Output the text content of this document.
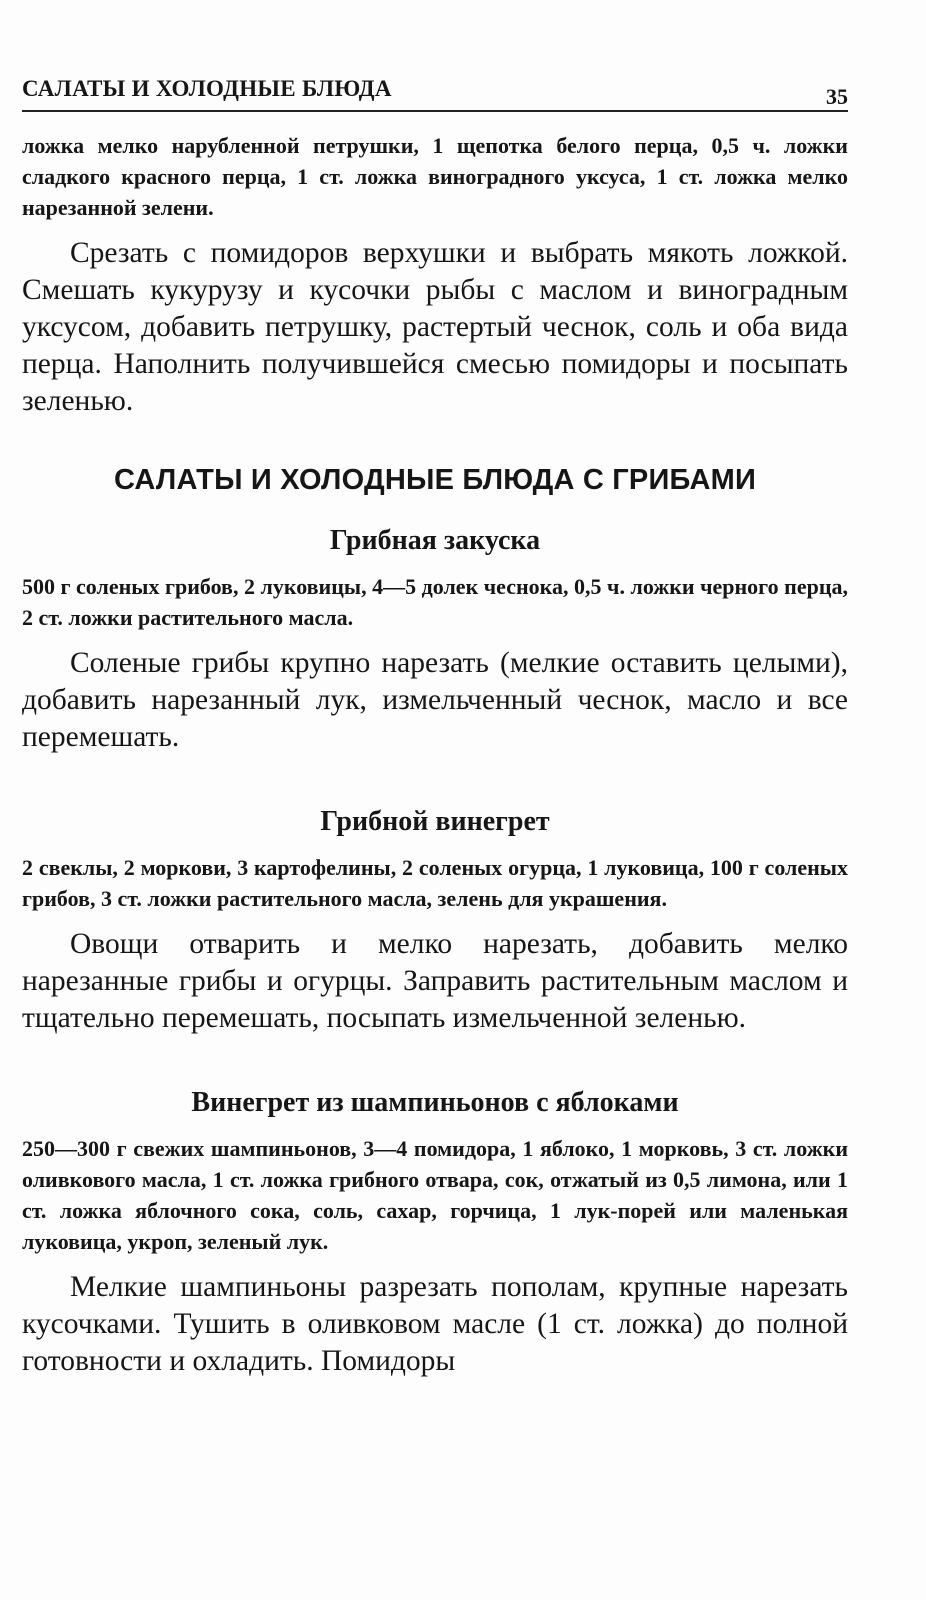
САЛАТЫ И ХОЛОДНЫЕ БЛЮДА	35

ложка мелко нарубленной петрушки, 1 щепотка белого перца, 0,5 ч. ложки сладкого красного перца, 1 ст. ложка виноградного уксуса, 1 ст. ложка мелко нарезанной зелени.

Срезать с помидоров верхушки и выбрать мякоть ложкой. Смешать кукурузу и кусочки рыбы с маслом и виноградным уксусом, добавить петрушку, растертый чеснок, соль и оба вида перца. Наполнить получившейся смесью помидоры и посыпать зеленью.

САЛАТЫ И ХОЛОДНЫЕ БЛЮДА С ГРИБАМИ
Грибная закуска

500 г соленых грибов, 2 луковицы, 4—5 долек чеснока, 0,5 ч. ложки черного перца, 2 ст. ложки растительного масла.

Соленые грибы крупно нарезать (мелкие оставить целыми), добавить нарезанный лук, измельченный чеснок, масло и все перемешать.

Грибной винегрет

2 свеклы, 2 моркови, 3 картофелины, 2 соленых огурца, 1 луковица, 100 г соленых грибов, 3 ст. ложки растительного масла, зелень для украшения.

Овощи отварить и мелко нарезать, добавить мелко нарезанные грибы и огурцы. Заправить растительным маслом и тщательно перемешать, посыпать измельченной зеленью.

Винегрет из шампиньонов с яблоками

250—300 г свежих шампиньонов, 3—4 помидора, 1 яблоко, 1 морковь, 3 ст. ложки оливкового масла, 1 ст. ложка грибного отвара, сок, отжатый из 0,5 лимона, или 1 ст. ложка яблочного сока, соль, сахар, горчица, 1 лук-порей или маленькая луковица, укроп, зеленый лук.

Мелкие шампиньоны разрезать пополам, крупные нарезать кусочками. Тушить в оливковом масле (1 ст. ложка) до полной готовности и охладить. Помидоры
